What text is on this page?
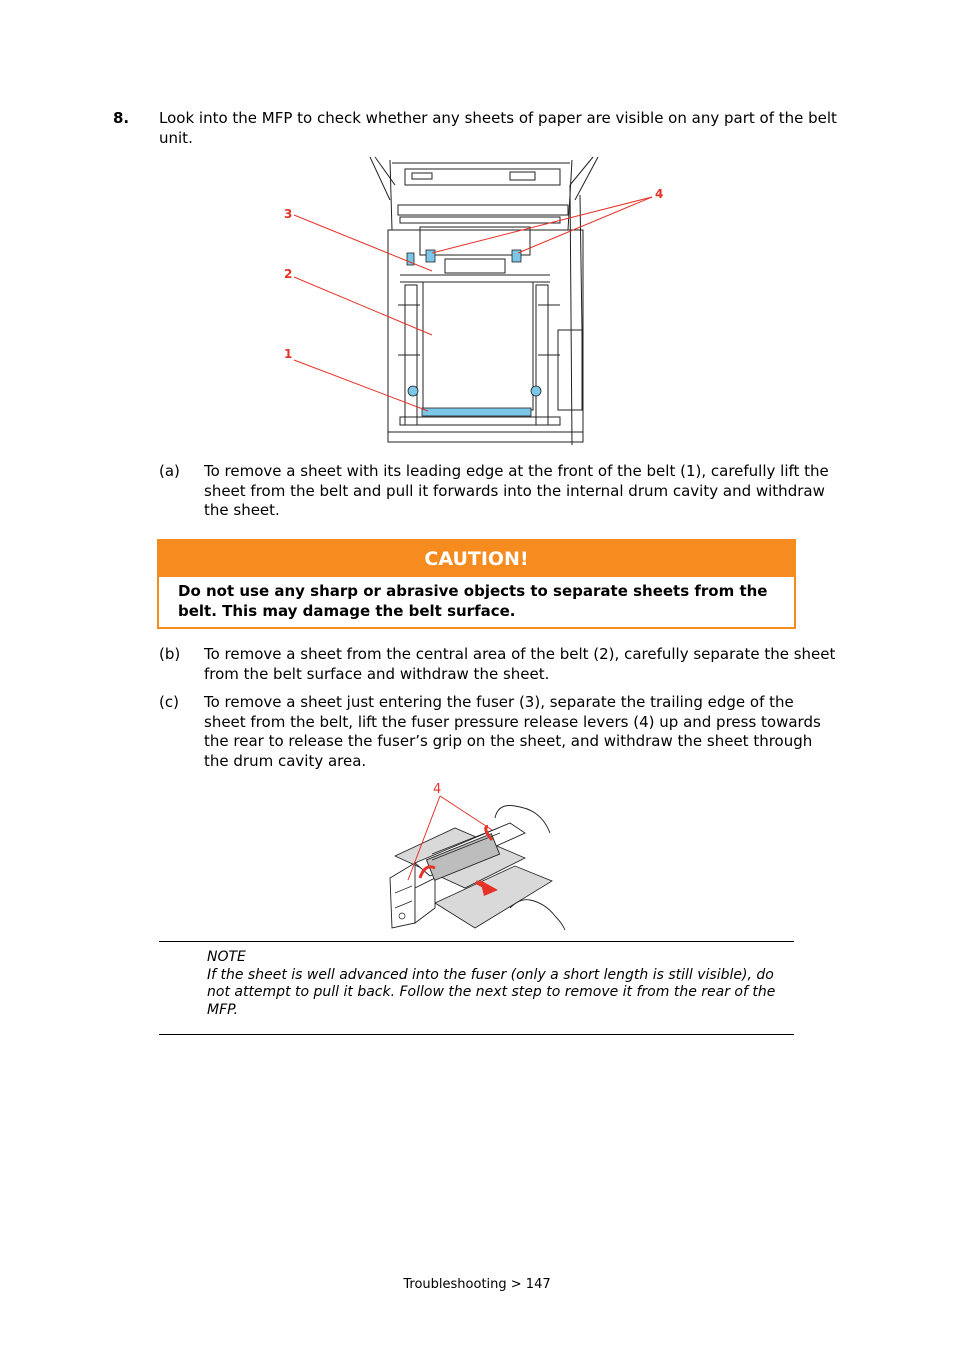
8. Look into the MFP to check whether any sheets of paper are visible on any part of the belt unit.
1
2
3
4
(a) To remove a sheet with its leading edge at the front of the belt (1), carefully lift the sheet from the belt and pull it forwards into the internal drum cavity and withdraw the sheet.
CAUTION!
Do not use any sharp or abrasive objects to separate sheets from the belt. This may damage the belt surface.
(b) To remove a sheet from the central area of the belt (2), carefully separate the sheet from the belt surface and withdraw the sheet.
(c) To remove a sheet just entering the fuser (3), separate the trailing edge of the sheet from the belt, lift the fuser pressure release levers (4) up and press towards the rear to release the fuser’s grip on the sheet, and withdraw the sheet through the drum cavity area.
4
NOTE
If the sheet is well advanced into the fuser (only a short length is still visible), do not attempt to pull it back. Follow the next step to remove it from the rear of the MFP.
Troubleshooting > 147
